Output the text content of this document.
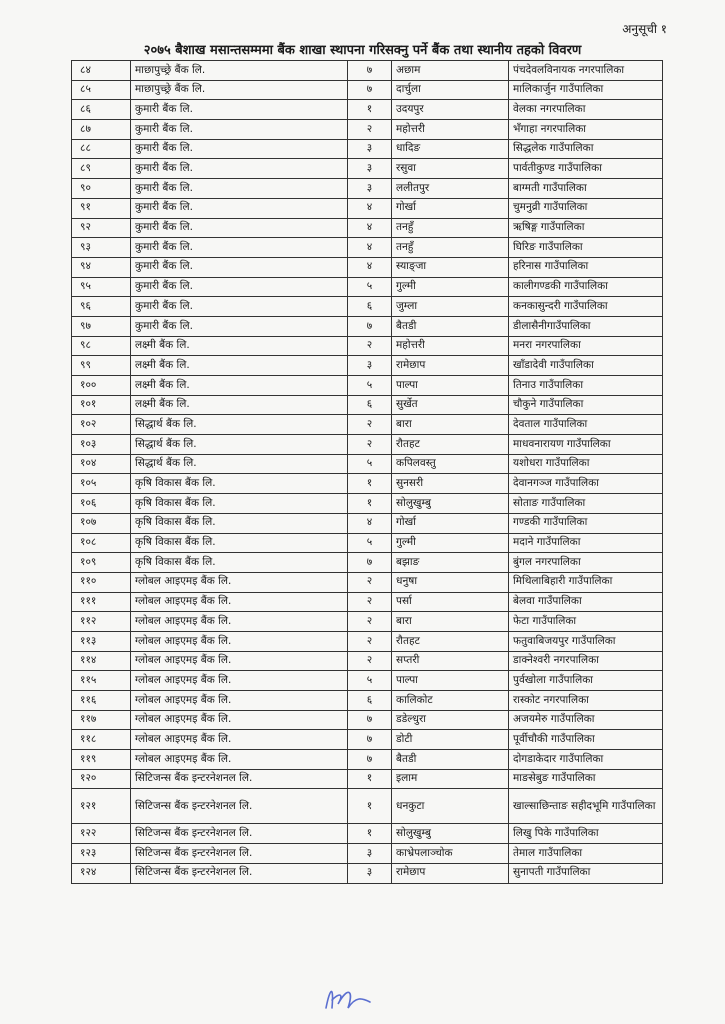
अनुसूची १
२०७५ बैशाख मसान्तसम्ममा बैंक शाखा स्थापना गरिसक्नु पर्ने बैंक तथा स्थानीय तहको विवरण
८४	माछापुच्छ्रे बैंक लि.	७	अछाम	पंचदेवलविनायक नगरपालिका
८५	माछापुच्छ्रे बैंक लि.	७	दार्चुला	मालिकार्जुन गाउँपालिका
८६	कुमारी बैंक लि.	१	उदयपुर	वेलका नगरपालिका
८७	कुमारी बैंक लि.	२	महोत्तरी	भँगाहा नगरपालिका
८८	कुमारी बैंक लि.	३	धादिङ	सिद्धलेक गाउँपालिका
८९	कुमारी बैंक लि.	३	रसुवा	पार्वतीकुण्ड गाउँपालिका
९०	कुमारी बैंक लि.	३	ललीतपुर	बाग्मती गाउँपालिका
९१	कुमारी बैंक लि.	४	गोर्खा	चुमनुव्री गाउँपालिका
९२	कुमारी बैंक लि.	४	तनहुँ	ऋषिङ्ग गाउँपालिका
९३	कुमारी बैंक लि.	४	तनहुँ	घिरिङ गाउँपालिका
९४	कुमारी बैंक लि.	४	स्याङ्जा	हरिनास गाउँपालिका
९५	कुमारी बैंक लि.	५	गुल्मी	कालीगण्डकी गाउँपालिका
९६	कुमारी बैंक लि.	६	जुम्ला	कनकासुन्दरी गाउँपालिका
९७	कुमारी बैंक लि.	७	बैतडी	डीलासैनीगाउँपालिका
९८	लक्ष्मी बैंक लि.	२	महोत्तरी	मनरा नगरपालिका
९९	लक्ष्मी बैंक लि.	३	रामेछाप	खाँडादेवी गाउँपालिका
१००	लक्ष्मी बैंक लि.	५	पाल्पा	तिनाउ गाउँपालिका
१०१	लक्ष्मी बैंक लि.	६	सुर्खेत	चौकुने गाउँपालिका
१०२	सिद्धार्थ बैंक लि.	२	बारा	देवताल गाउँपालिका
१०३	सिद्धार्थ बैंक लि.	२	रौतहट	माधवनारायण गाउँपालिका
१०४	सिद्धार्थ बैंक लि.	५	कपिलवस्तु	यशोधरा गाउँपालिका
१०५	कृषि विकास बैंक लि.	१	सुनसरी	देवानगञ्ज गाउँपालिका
१०६	कृषि विकास बैंक लि.	१	सोलुखुम्बु	सोताङ गाउँपालिका
१०७	कृषि विकास बैंक लि.	४	गोर्खा	गण्डकी गाउँपालिका
१०८	कृषि विकास बैंक लि.	५	गुल्मी	मदाने गाउँपालिका
१०९	कृषि विकास बैंक लि.	७	बझाङ	बुंगल नगरपालिका
११०	ग्लोबल आइएमइ बैंक लि.	२	धनुषा	मिथिलाबिहारी गाउँपालिका
१११	ग्लोबल आइएमइ बैंक लि.	२	पर्सा	बेलवा गाउँपालिका
११२	ग्लोबल आइएमइ बैंक लि.	२	बारा	फेटा गाउँपालिका
११३	ग्लोबल आइएमइ बैंक लि.	२	रौतहट	फतुवाबिजयपुर गाउँपालिका
११४	ग्लोबल आइएमइ बैंक लि.	२	सप्तरी	डाक्नेश्वरी नगरपालिका
११५	ग्लोबल आइएमइ बैंक लि.	५	पाल्पा	पुर्वखोला गाउँपालिका
११६	ग्लोबल आइएमइ बैंक लि.	६	कालिकोट	रास्कोट नगरपालिका
११७	ग्लोबल आइएमइ बैंक लि.	७	डडेल्धुरा	अजयमेरु गाउँपालिका
११८	ग्लोबल आइएमइ बैंक लि.	७	डोटी	पूर्वीचौकी गाउँपालिका
११९	ग्लोबल आइएमइ बैंक लि.	७	बैतडी	दोगडाकेदार गाउँपालिका
१२०	सिटिजन्स बैंक इन्टरनेशनल लि.	१	इलाम	माङसेबुङ गाउँपालिका
१२१	सिटिजन्स बैंक इन्टरनेशनल लि.	१	धनकुटा	खाल्साछिन्ताङ सहीदभूमि गाउँपालिका
१२२	सिटिजन्स बैंक इन्टरनेशनल लि.	१	सोलुखुम्बु	लिखु पिके गाउँपालिका
१२३	सिटिजन्स बैंक इन्टरनेशनल लि.	३	काभ्रेपलाञ्चोक	तेमाल गाउँपालिका
१२४	सिटिजन्स बैंक इन्टरनेशनल लि.	३	रामेछाप	सुनापती गाउँपालिका
